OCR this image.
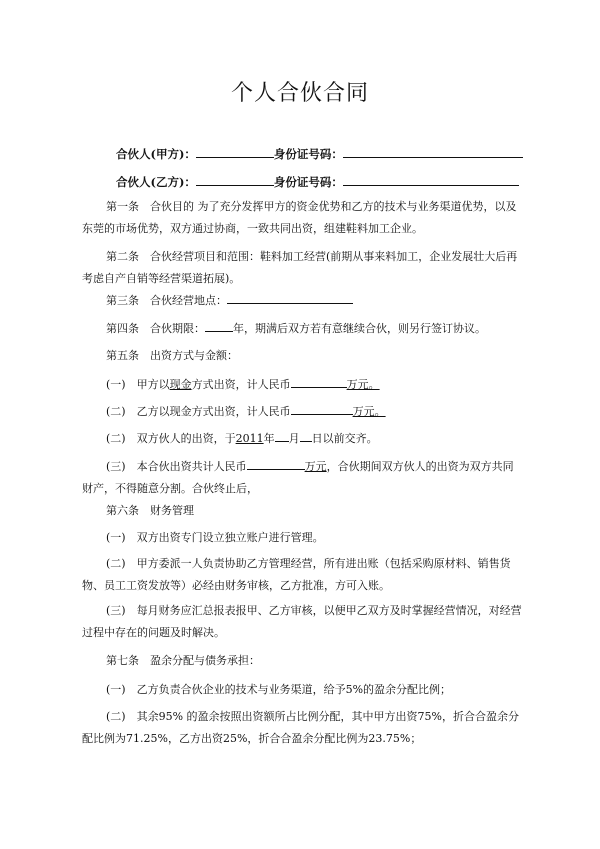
个人合伙合同
合伙人(甲方)：	身份证号码：
合伙人(乙方)：	身份证号码：
第一条　合伙目的 为了充分发挥甲方的资金优势和乙方的技术与业务渠道优势，以及东莞的市场优势，双方通过协商，一致共同出资，组建鞋料加工企业。
第二条　合伙经营项目和范围：鞋料加工经营(前期从事来料加工，企业发展壮大后再考虑自产自销等经营渠道拓展)。
第三条　合伙经营地点：
第四条　合伙期限：	年，期满后双方若有意继续合伙，则另行签订协议。
第五条　出资方式与金额：
(一)　甲方以现金方式出资，计人民币	万元。
(二)　乙方以现金方式出资，计人民币	万元。
(二)　双方伙人的出资，于2011年 月 日以前交齐。
(三)　本合伙出资共计人民币	万元，合伙期间双方伙人的出资为双方共同财产，不得随意分割。合伙终止后，
第六条　财务管理
(一)　双方出资专门设立独立账户进行管理。
(二)　甲方委派一人负责协助乙方管理经营，所有进出账（包括采购原材料、销售货物、员工工资发放等）必经由财务审核，乙方批准，方可入账。
(三)　每月财务应汇总报表报甲、乙方审核，以便甲乙双方及时掌握经营情况，对经营过程中存在的问题及时解决。
第七条　盈余分配与债务承担：
(一)　乙方负责合伙企业的技术与业务渠道，给予5%的盈余分配比例；
(二)　其余95% 的盈余按照出资额所占比例分配，其中甲方出资75%，折合合盈余分配比例为71.25%，乙方出资25%，折合合盈余分配比例为23.75%；
